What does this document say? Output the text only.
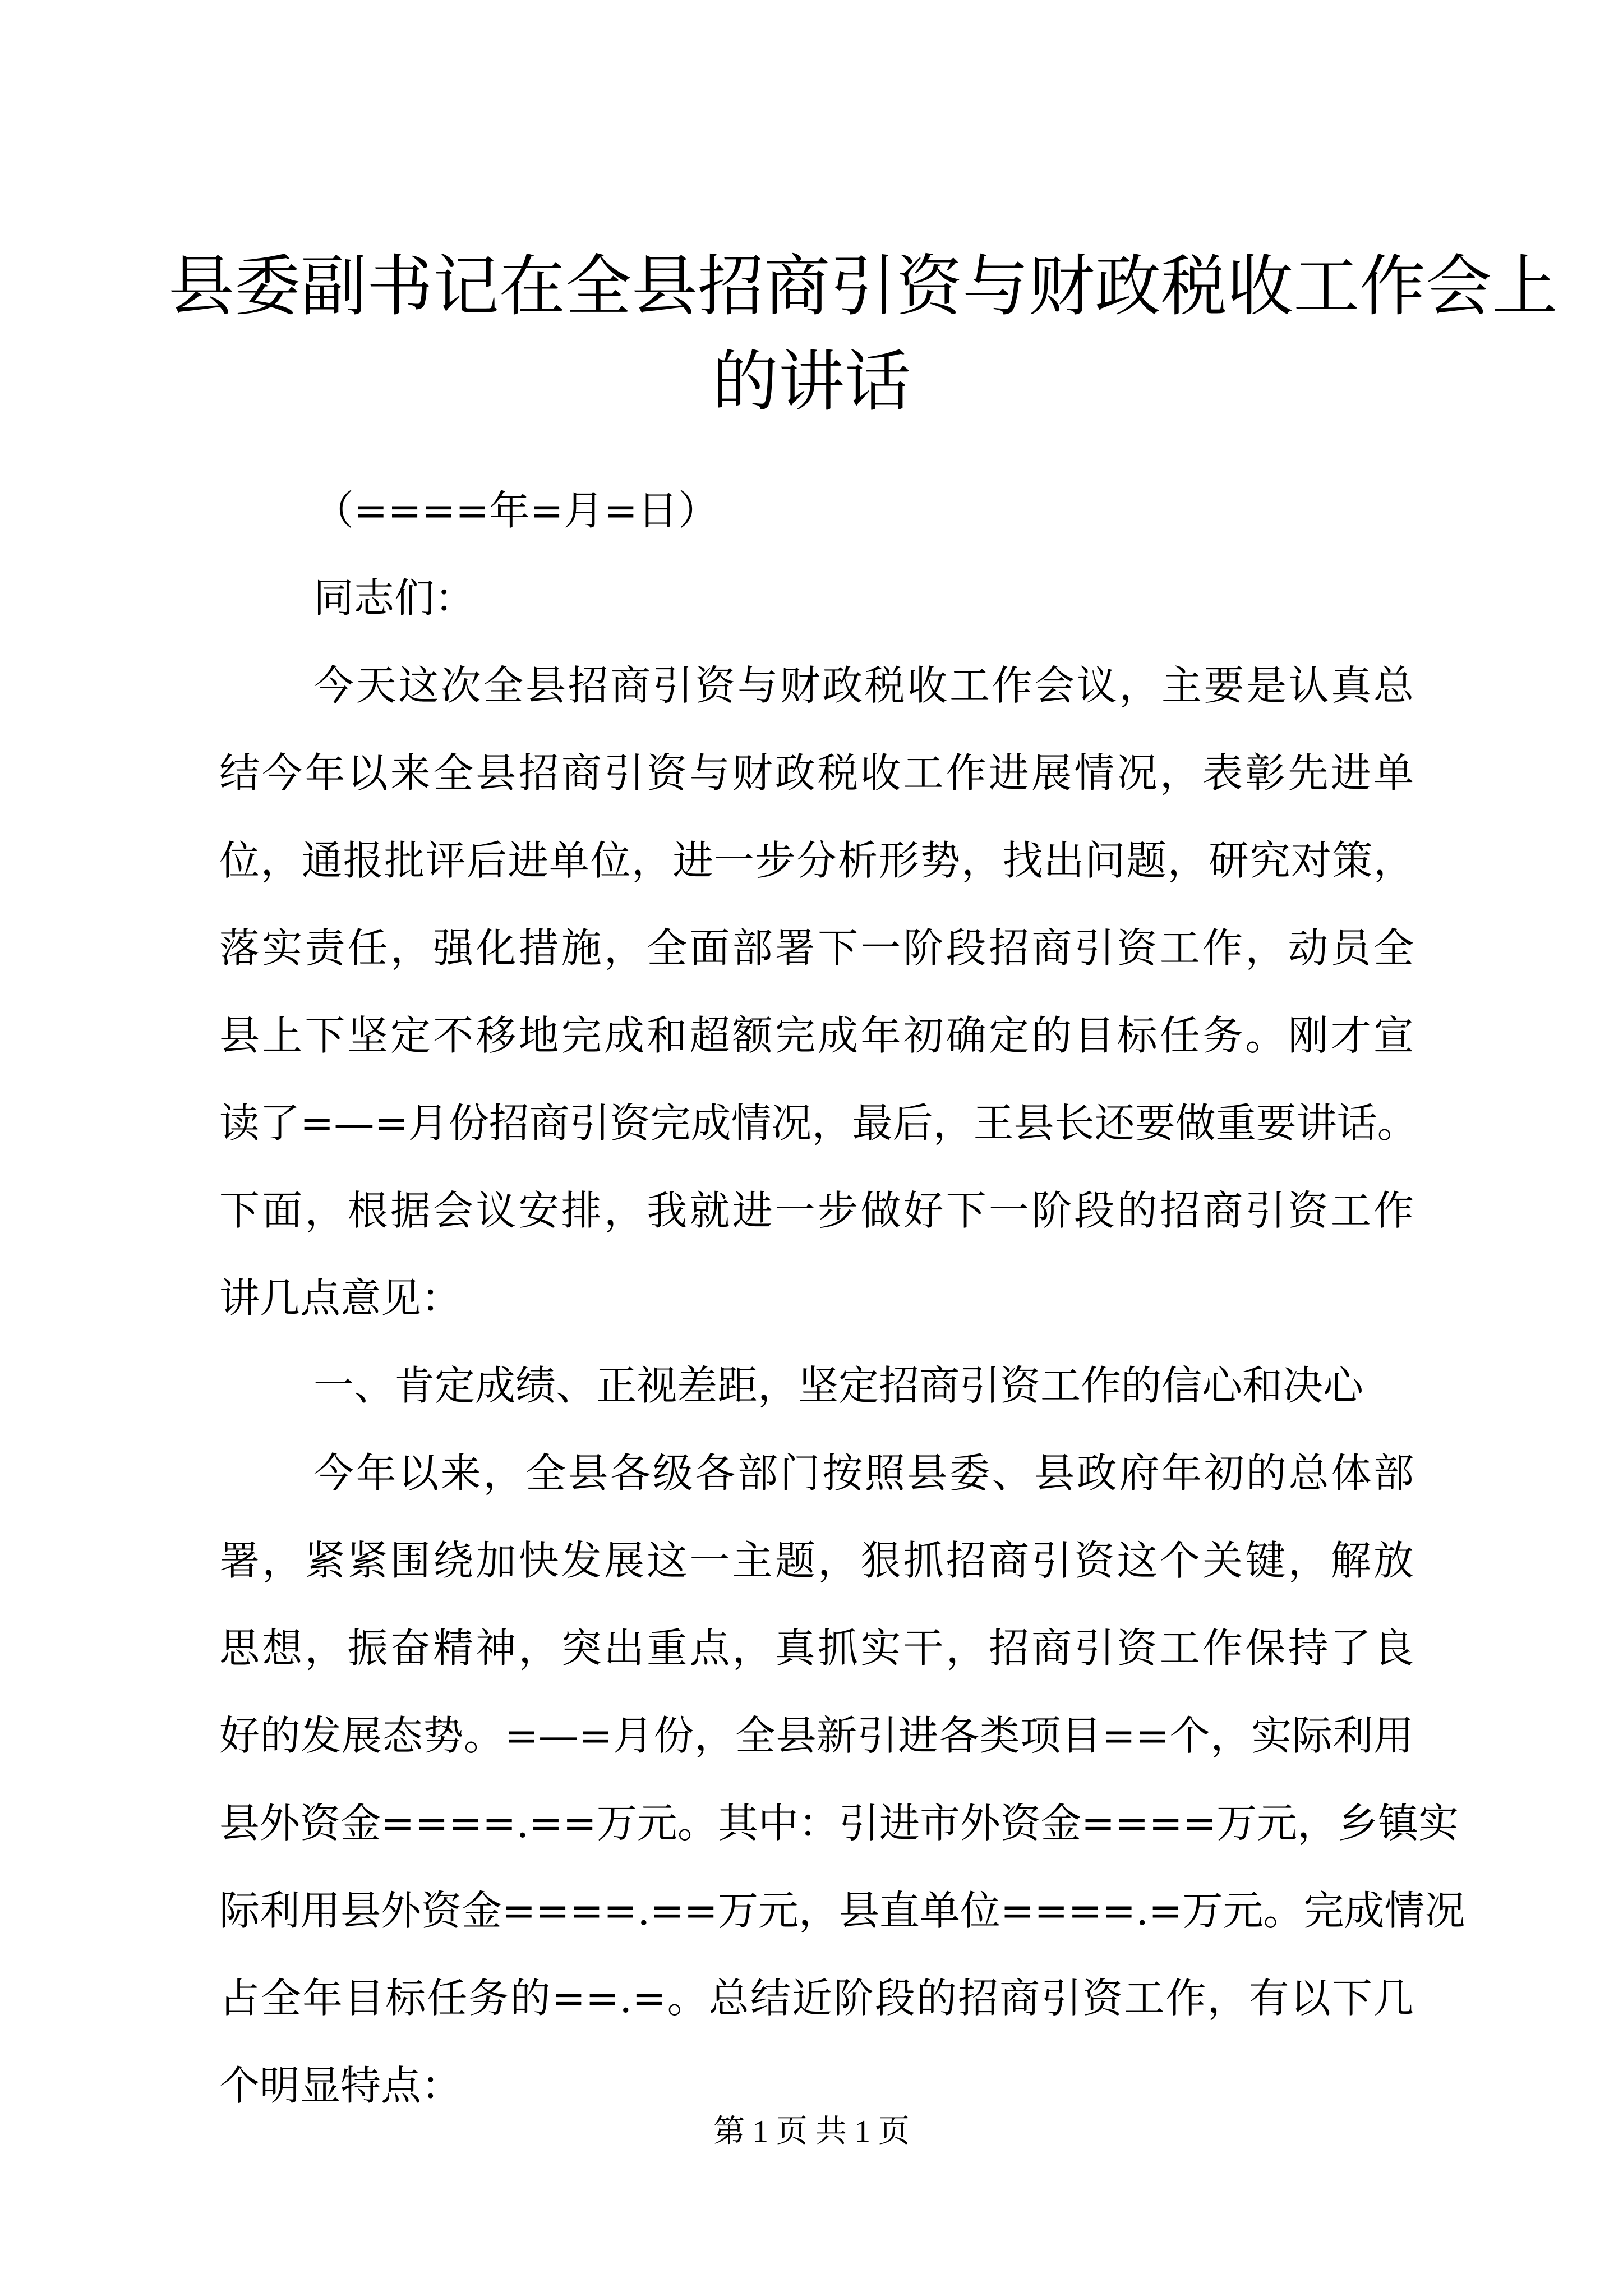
县委副书记在全县招商引资与财政税收工作会上
的讲话
（====年=月=日）
同志们：
今天这次全县招商引资与财政税收工作会议，主要是认真总
结今年以来全县招商引资与财政税收工作进展情况，表彰先进单
位，通报批评后进单位，进一步分析形势，找出问题，研究对策，
落实责任，强化措施，全面部署下一阶段招商引资工作，动员全
县上下坚定不移地完成和超额完成年初确定的目标任务。刚才宣
读了=—=月份招商引资完成情况，最后，王县长还要做重要讲话。
下面，根据会议安排，我就进一步做好下一阶段的招商引资工作
讲几点意见：
一、肯定成绩、正视差距，坚定招商引资工作的信心和决心
今年以来，全县各级各部门按照县委、县政府年初的总体部
署，紧紧围绕加快发展这一主题，狠抓招商引资这个关键，解放
思想，振奋精神，突出重点，真抓实干，招商引资工作保持了良
好的发展态势。=—=月份，全县新引进各类项目==个，实际利用
县外资金====.==万元。其中：引进市外资金====万元，乡镇实
际利用县外资金====.==万元，县直单位====.=万元。完成情况
占全年目标任务的==.=。总结近阶段的招商引资工作，有以下几
个明显特点：
第 1 页 共 1 页
